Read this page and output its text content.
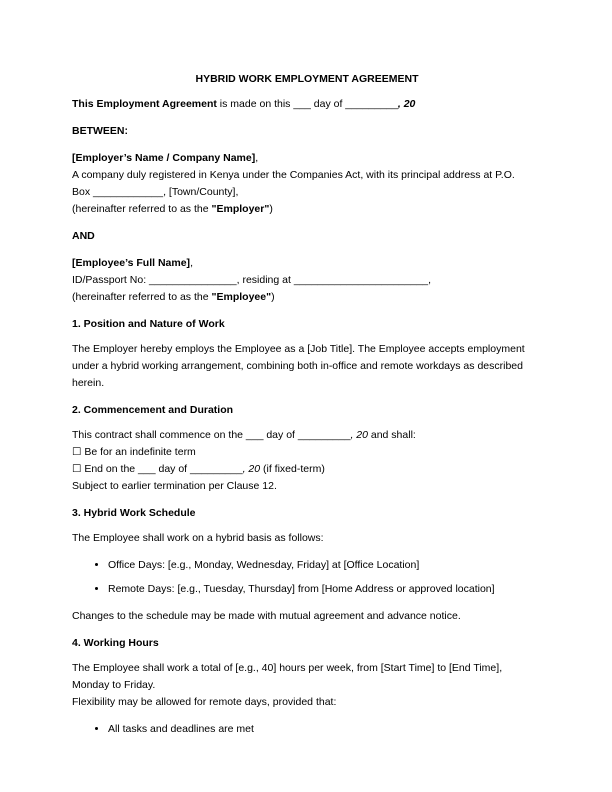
HYBRID WORK EMPLOYMENT AGREEMENT

This Employment Agreement is made on this ___ day of _________, 20

BETWEEN:

[Employer’s Name / Company Name],
A company duly registered in Kenya under the Companies Act, with its principal address at P.O.
Box ____________, [Town/County],
(hereinafter referred to as the "Employer")

AND

[Employee’s Full Name],
ID/Passport No: _______________, residing at _______________________,
(hereinafter referred to as the "Employee")
1. Position and Nature of Work

The Employer hereby employs the Employee as a [Job Title]. The Employee accepts employment under a hybrid working arrangement, combining both in-office and remote workdays as described herein.

2. Commencement and Duration
This contract shall commence on the ___ day of _________, 20 and shall:
☐ Be for an indefinite term
☐ End on the ___ day of _________, 20 (if fixed-term)
Subject to earlier termination per Clause 12.
3. Hybrid Work Schedule

The Employee shall work on a hybrid basis as follows:

• Office Days: [e.g., Monday, Wednesday, Friday] at [Office Location]
• Remote Days: [e.g., Tuesday, Thursday] from [Home Address or approved location]

Changes to the schedule may be made with mutual agreement and advance notice.

4. Working Hours
The Employee shall work a total of [e.g., 40] hours per week, from [Start Time] to [End Time],
Monday to Friday.
Flexibility may be allowed for remote days, provided that:
• All tasks and deadlines are met
